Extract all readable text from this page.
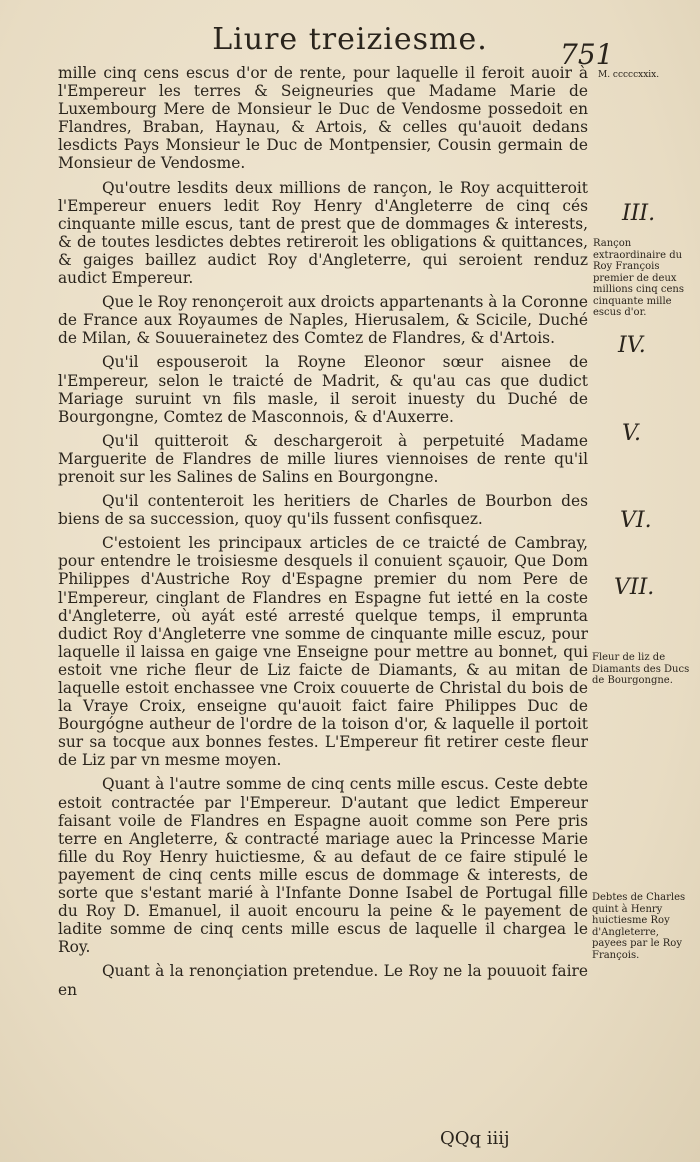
Liure treiziesme.	751

mille cinq cens escus d'or de rente, pour laquelle il feroit auoir à l'Empereur les terres & Seigneuries que Madame Marie de Luxembourg Mere de Monsieur le Duc de Vendosme possedoit en Flandres, Braban, Haynau, & Artois, & celles qu'auoit dedans lesdicts Pays Monsieur le Duc de Montpensier, Cousin germain de Monsieur de Vendosme.

Qu'outre lesdits deux millions de rançon, le Roy acquitteroit l'Empereur enuers ledit Roy Henry d'Angleterre de cinq cés cinquante mille escus, tant de prest que de dommages & interests, & de toutes lesdictes debtes retireroit les obligations & quittances, & gaiges baillez audict Roy d'Angleterre, qui seroient renduz audict Empereur.

Que le Roy renonçeroit aux droicts appartenants à la Coronne de France aux Royaumes de Naples, Hierusalem, & Scicile, Duché de Milan, & Souuerainetez des Comtez de Flandres, & d'Artois.

Qu'il espouseroit la Royne Eleonor sœur aisnee de l'Empereur, selon le traicté de Madrit, & qu'au cas que dudict Mariage suruint vn fils masle, il seroit inuesty du Duché de Bourgongne, Comtez de Masconnois, & d'Auxerre.

Qu'il quitteroit & deschargeroit à perpetuité Madame Marguerite de Flandres de mille liures viennoises de rente qu'il prenoit sur les Salines de Salins en Bourgongne.

Qu'il contenteroit les heritiers de Charles de Bourbon des biens de sa succession, quoy qu'ils fussent confisquez.

C'estoient les principaux articles de ce traicté de Cambray, pour entendre le troisiesme desquels il conuient sçauoir, Que Dom Philippes d'Austriche Roy d'Espagne premier du nom Pere de l'Empereur, cinglant de Flandres en Espagne fut ietté en la coste d'Angleterre, où ayát esté arresté quelque temps, il emprunta dudict Roy d'Angleterre vne somme de cinquante mille escuz, pour laquelle il laissa en gaige vne Enseigne pour mettre au bonnet, qui estoit vne riche fleur de Liz faicte de Diamants, & au mitan de laquelle estoit enchassee vne Croix couuerte de Christal du bois de la Vraye Croix, enseigne qu'auoit faict faire Philippes Duc de Bourgógne autheur de l'ordre de la toison d'or, & laquelle il portoit sur sa tocque aux bonnes festes. L'Empereur fit retirer ceste fleur de Liz par vn mesme moyen.

Quant à l'autre somme de cinq cents mille escus. Ceste debte estoit contractée par l'Empereur. D'autant que ledict Empereur faisant voile de Flandres en Espagne auoit comme son Pere pris terre en Angleterre, & contracté mariage auec la Princesse Marie fille du Roy Henry huictiesme, & au defaut de ce faire stipulé le payement de cinq cents mille escus de dommage & interests, de sorte que s'estant marié à l'Infante Donne Isabel de Portugal fille du Roy D. Emanuel, il auoit encouru la peine & le payement de ladite somme de cinq cents mille escus de laquelle il chargea le Roy.

Quant à la renonçiation pretendue. Le Roy ne la pouuoit faire en

M. cccccxxix.
III.
Rançon extraordinaire du Roy François premier de deux millions cinq cens cinquante mille escus d'or.
IV.
V.
VI.
VII.
Fleur de liz de Diamants des Ducs de Bourgongne.
Debtes de Charles quint à Henry huictiesme Roy d'Angleterre, payees par le Roy François.
QQq iiij
